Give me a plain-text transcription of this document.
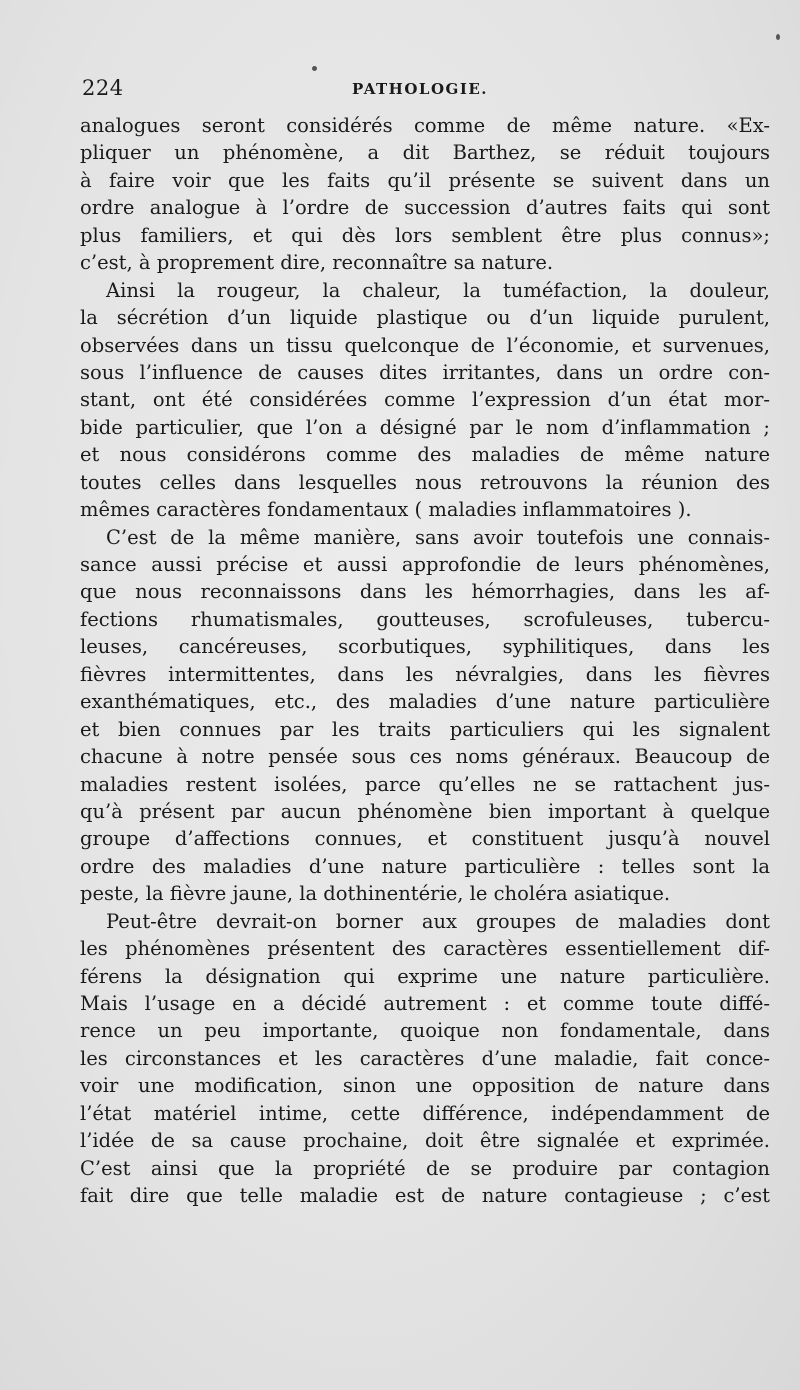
224	PATHOLOGIE.
analogues seront considérés comme de même nature. «Ex-
pliquer un phénomène, a dit Barthez, se réduit toujours
à faire voir que les faits qu’il présente se suivent dans un
ordre analogue à l’ordre de succession d’autres faits qui sont
plus familiers, et qui dès lors semblent être plus connus»;
c’est, à proprement dire, reconnaître sa nature.
Ainsi la rougeur, la chaleur, la tuméfaction, la douleur,
la sécrétion d’un liquide plastique ou d’un liquide purulent,
observées dans un tissu quelconque de l’économie, et survenues,
sous l’influence de causes dites irritantes, dans un ordre con-
stant, ont été considérées comme l’expression d’un état mor-
bide particulier, que l’on a désigné par le nom d’inflammation ;
et nous considérons comme des maladies de même nature
toutes celles dans lesquelles nous retrouvons la réunion des
mêmes caractères fondamentaux ( maladies inflammatoires ).
C’est de la même manière, sans avoir toutefois une connais-
sance aussi précise et aussi approfondie de leurs phénomènes,
que nous reconnaissons dans les hémorrhagies, dans les af-
fections rhumatismales, goutteuses, scrofuleuses, tubercu-
leuses, cancéreuses, scorbutiques, syphilitiques, dans les
fièvres intermittentes, dans les névralgies, dans les fièvres
exanthématiques, etc., des maladies d’une nature particulière
et bien connues par les traits particuliers qui les signalent
chacune à notre pensée sous ces noms généraux. Beaucoup de
maladies restent isolées, parce qu’elles ne se rattachent jus-
qu’à présent par aucun phénomène bien important à quelque
groupe d’affections connues, et constituent jusqu’à nouvel
ordre des maladies d’une nature particulière : telles sont la
peste, la fièvre jaune, la dothinentérie, le choléra asiatique.
Peut-être devrait-on borner aux groupes de maladies dont
les phénomènes présentent des caractères essentiellement dif-
férens la désignation qui exprime une nature particulière.
Mais l’usage en a décidé autrement : et comme toute diffé-
rence un peu importante, quoique non fondamentale, dans
les circonstances et les caractères d’une maladie, fait conce-
voir une modification, sinon une opposition de nature dans
l’état matériel intime, cette différence, indépendamment de
l’idée de sa cause prochaine, doit être signalée et exprimée.
C’est ainsi que la propriété de se produire par contagion
fait dire que telle maladie est de nature contagieuse ; c’est
